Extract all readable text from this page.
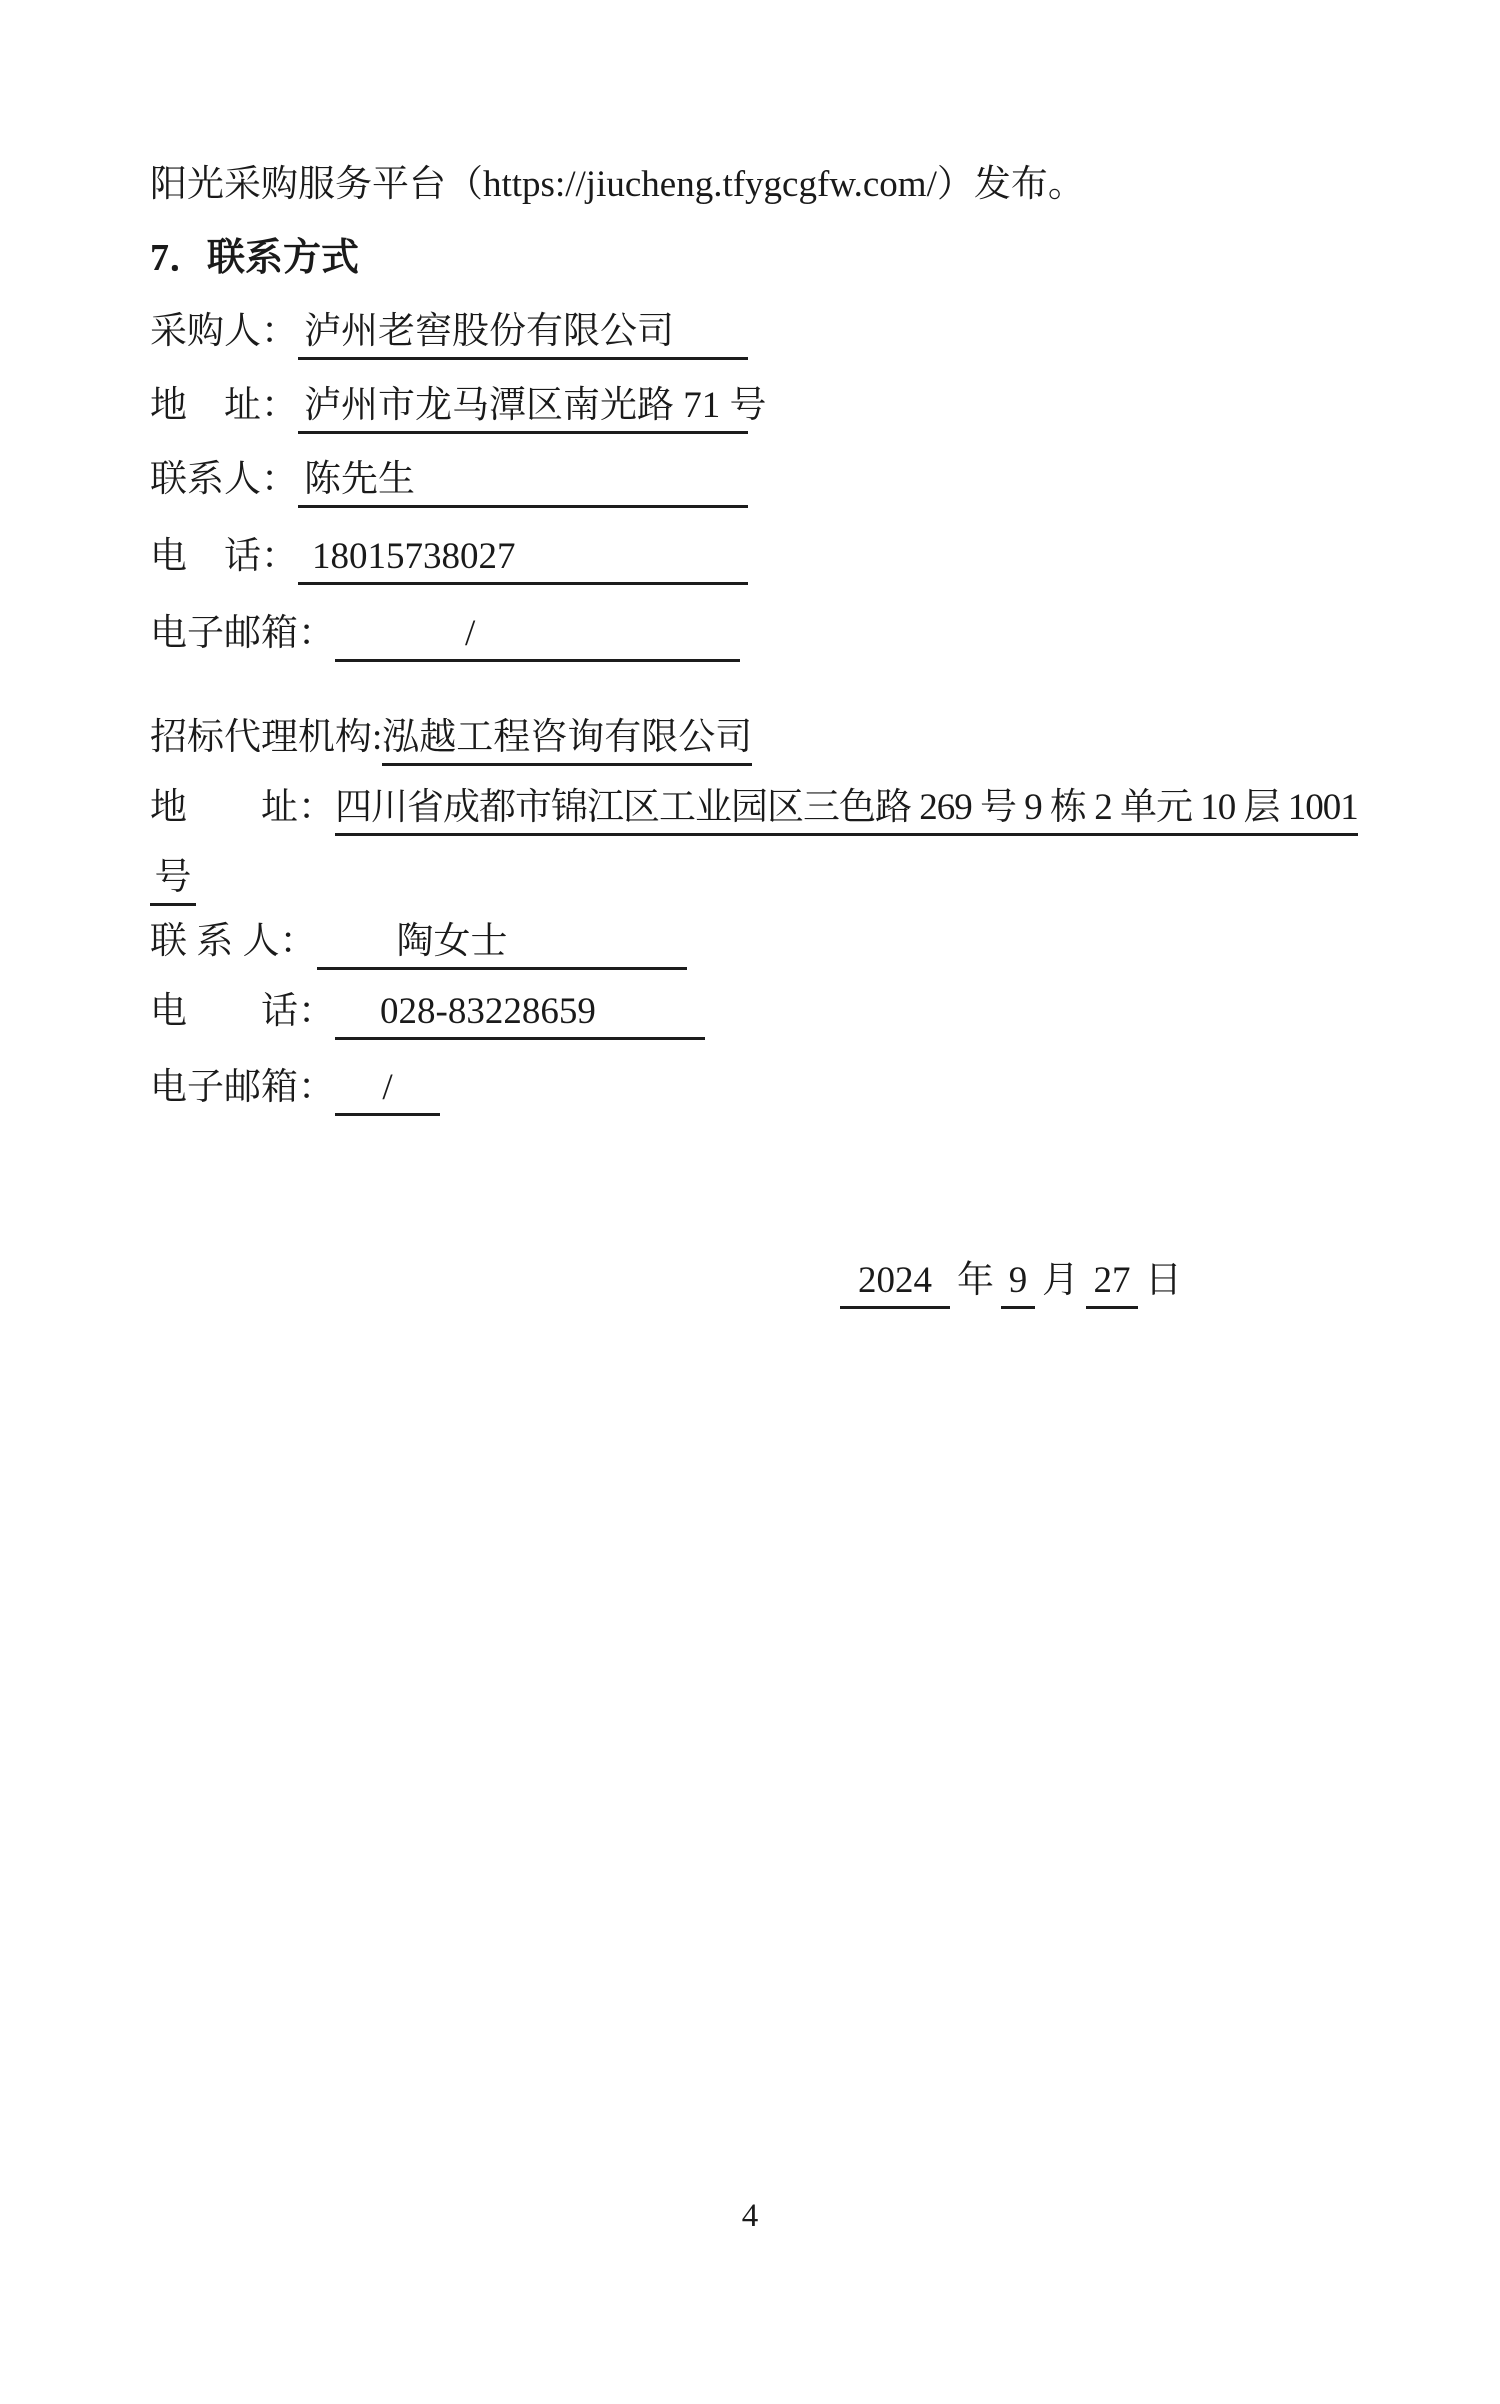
阳光采购服务平台（https://jiucheng.tfygcgfw.com/）发布。

7．联系方式
采购人： 泸州老窖股份有限公司
地　址： 泸州市龙马潭区南光路 71 号
联系人： 陈先生
电　话： 18015738027
电子邮箱：	/
招标代理机构: 泓越工程咨询有限公司
地　　址： 四川省成都市锦江区工业园区三色路 269 号 9 栋 2 单元 10 层 1001
号
联 系 人：	陶女士
电　　话：	028-83228659
电子邮箱：	/
2024 年 9 月 27 日
4
